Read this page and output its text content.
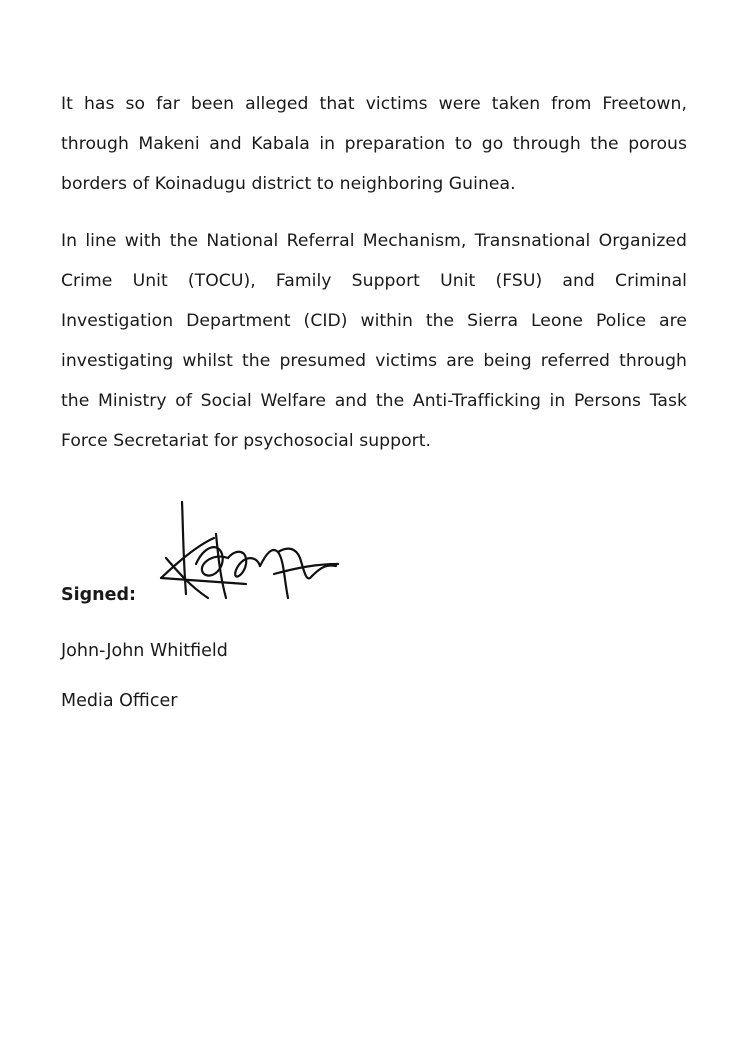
It has so far been alleged that victims were taken from Freetown, through Makeni and Kabala in preparation to go through the porous borders of Koinadugu district to neighboring Guinea.

In line with the National Referral Mechanism, Transnational Organized Crime Unit (TOCU), Family Support Unit (FSU) and Criminal Investigation Department (CID) within the Sierra Leone Police are investigating whilst the presumed victims are being referred through the Ministry of Social Welfare and the Anti-Trafficking in Persons Task Force Secretariat for psychosocial support.

Signed:

John-John Whitfield

Media Officer
